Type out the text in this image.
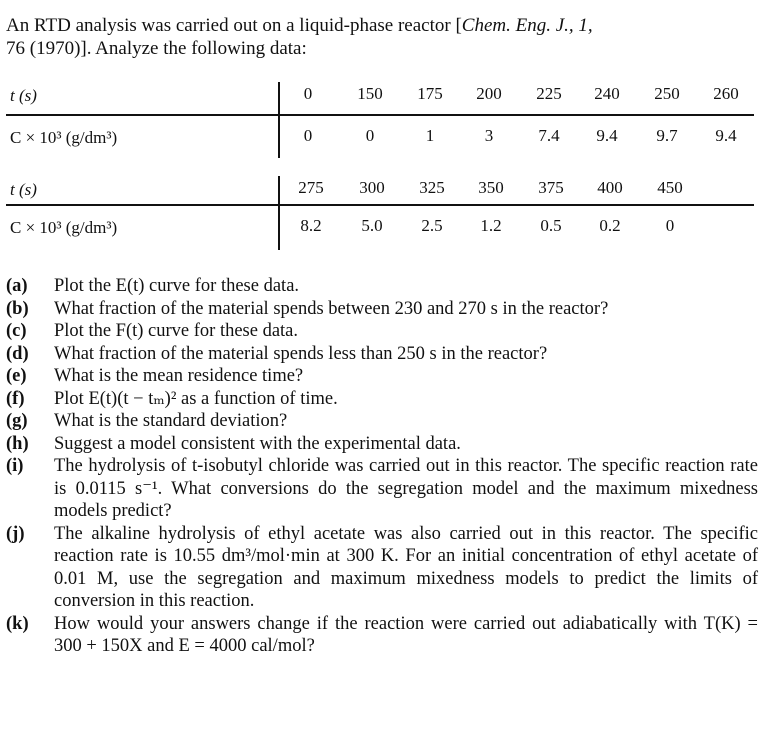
An RTD analysis was carried out on a liquid-phase reactor [Chem. Eng. J., 1,
76 (1970)]. Analyze the following data:
t (s)	0	150	175	200	225	240	250	260
C × 10³ (g/dm³)	0	0	1	3	7.4	9.4	9.7	9.4
t (s)	275	300	325	350	375	400	450
C × 10³ (g/dm³)	8.2	5.0	2.5	1.2	0.5	0.2	0
(a)	Plot the E(t) curve for these data.
(b)	What fraction of the material spends between 230 and 270 s in the reactor?
(c)	Plot the F(t) curve for these data.
(d)	What fraction of the material spends less than 250 s in the reactor?
(e)	What is the mean residence time?
(f)	Plot E(t)(t − tₘ)² as a function of time.
(g)	What is the standard deviation?
(h)	Suggest a model consistent with the experimental data.
(i)	The hydrolysis of t-isobutyl chloride was carried out in this reactor. The specific reaction rate is 0.0115 s⁻¹. What conversions do the segregation model and the maximum mixedness models predict?
(j)	The alkaline hydrolysis of ethyl acetate was also carried out in this reactor. The specific reaction rate is 10.55 dm³/mol·min at 300 K. For an initial concentration of ethyl acetate of 0.01 M, use the segregation and maximum mixedness models to predict the limits of conversion in this reaction.
(k)	How would your answers change if the reaction were carried out adiabatically with T(K) = 300 + 150X and E = 4000 cal/mol?
